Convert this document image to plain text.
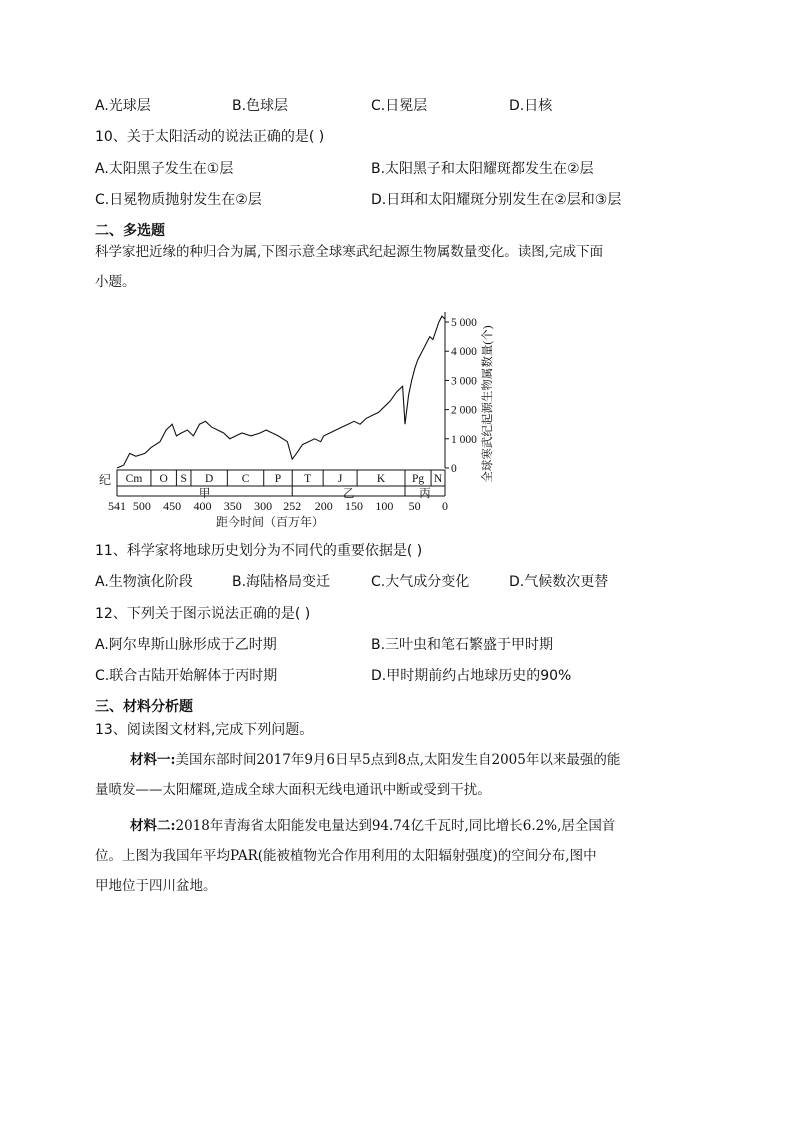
A.光球层	B.色球层	C.日冕层	D.日核
10、关于太阳活动的说法正确的是( )
A.太阳黑子发生在①层	B.太阳黑子和太阳耀斑都发生在②层
C.日冕物质抛射发生在②层	D.日珥和太阳耀斑分别发生在②层和③层
二、多选题
科学家把近缘的种归合为属,下图示意全球寒武纪起源生物属数量变化。读图,完成下面
小题。
0
1 000
2 000
3 000
4 000
5 000
Cm O S D C P T J	K Pg N
甲	乙	丙
541 500 450 400 350 300 252 200 150 100 50 0
距今时间（百万年）
纪	全球寒武纪起源生物属数量(个)
11、科学家将地球历史划分为不同代的重要依据是( )
A.生物演化阶段	B.海陆格局变迁	C.大气成分变化	D.气候数次更替
12、下列关于图示说法正确的是( )
A.阿尔卑斯山脉形成于乙时期	B.三叶虫和笔石繁盛于甲时期
C.联合古陆开始解体于丙时期	D.甲时期前约占地球历史的90%
三、材料分析题
13、阅读图文材料,完成下列问题。
材料一:美国东部时间2017年9月6日早5点到8点,太阳发生自2005年以来最强的能
量喷发——太阳耀斑,造成全球大面积无线电通讯中断或受到干扰。
材料二:2018年青海省太阳能发电量达到94.74亿千瓦时,同比增长6.2%,居全国首
位。上图为我国年平均PAR(能被植物光合作用利用的太阳辐射强度)的空间分布,图中
甲地位于四川盆地。
